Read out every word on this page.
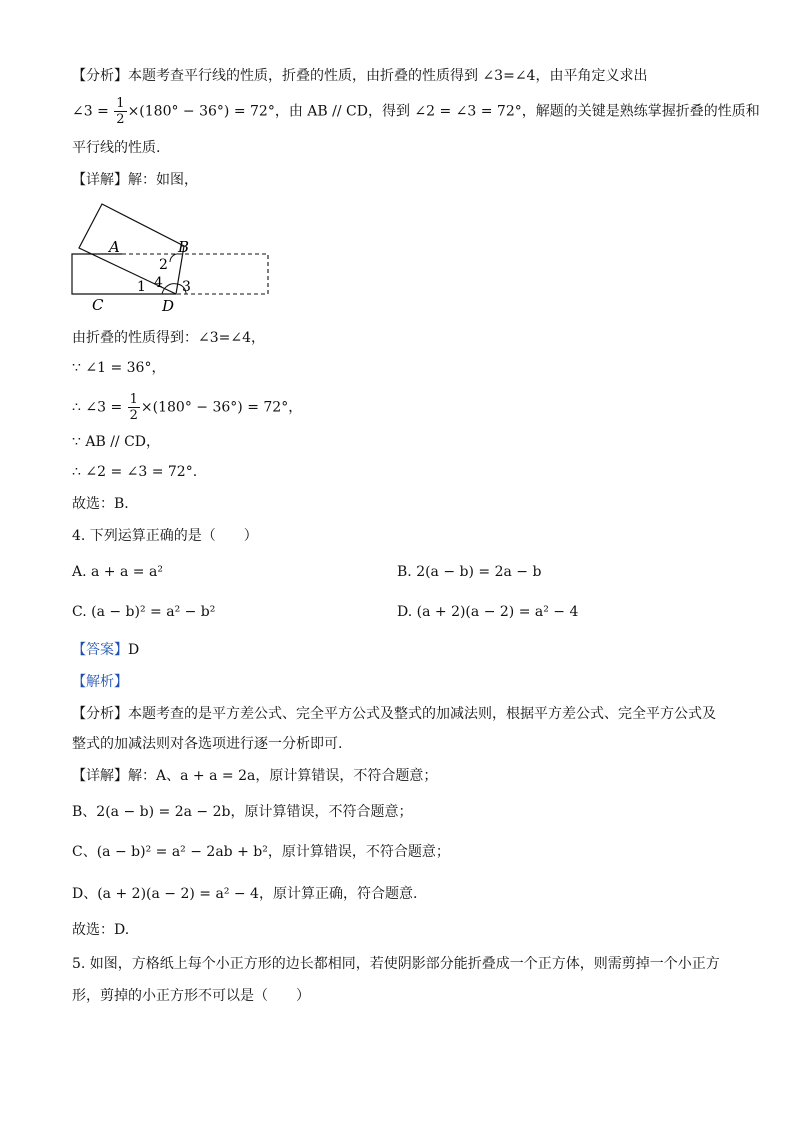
【分析】本题考查平行线的性质，折叠的性质，由折叠的性质得到 ∠3=∠4，由平角定义求出
∠3 = $\frac{1}{2} \times(180^\circ - 36^\circ) = 72^\circ$，由 AB // CD，得到 ∠2 = ∠3 = 72°，解题的关键是熟练掌握折叠的性质和
平行线的性质.
【详解】解：如图，
A	B
C	D
2
4
1	3
由折叠的性质得到：∠3=∠4，
∵ ∠1 = 36°，
∴ ∠3 = $\frac{1}{2} \times(180^\circ - 36^\circ) = 72^\circ$，
∵ AB // CD，
∴ ∠2 = ∠3 = 72°.
故选：B.
4. 下列运算正确的是（　　）
A. a + a = a²	B. 2(a − b) = 2a − b
C. (a − b)² = a² − b²	D. (a + 2)(a − 2) = a² − 4
【答案】D
【解析】
【分析】本题考查的是平方差公式、完全平方公式及整式的加减法则，根据平方差公式、完全平方公式及
整式的加减法则对各选项进行逐一分析即可.
【详解】解：A、a + a = 2a，原计算错误，不符合题意；
B、2(a − b) = 2a − 2b，原计算错误，不符合题意；
C、(a − b)² = a² − 2ab + b²，原计算错误，不符合题意；
D、(a + 2)(a − 2) = a² − 4，原计算正确，符合题意.
故选：D.
5. 如图，方格纸上每个小正方形的边长都相同，若使阴影部分能折叠成一个正方体，则需剪掉一个小正方
形，剪掉的小正方形不可以是（　　）
